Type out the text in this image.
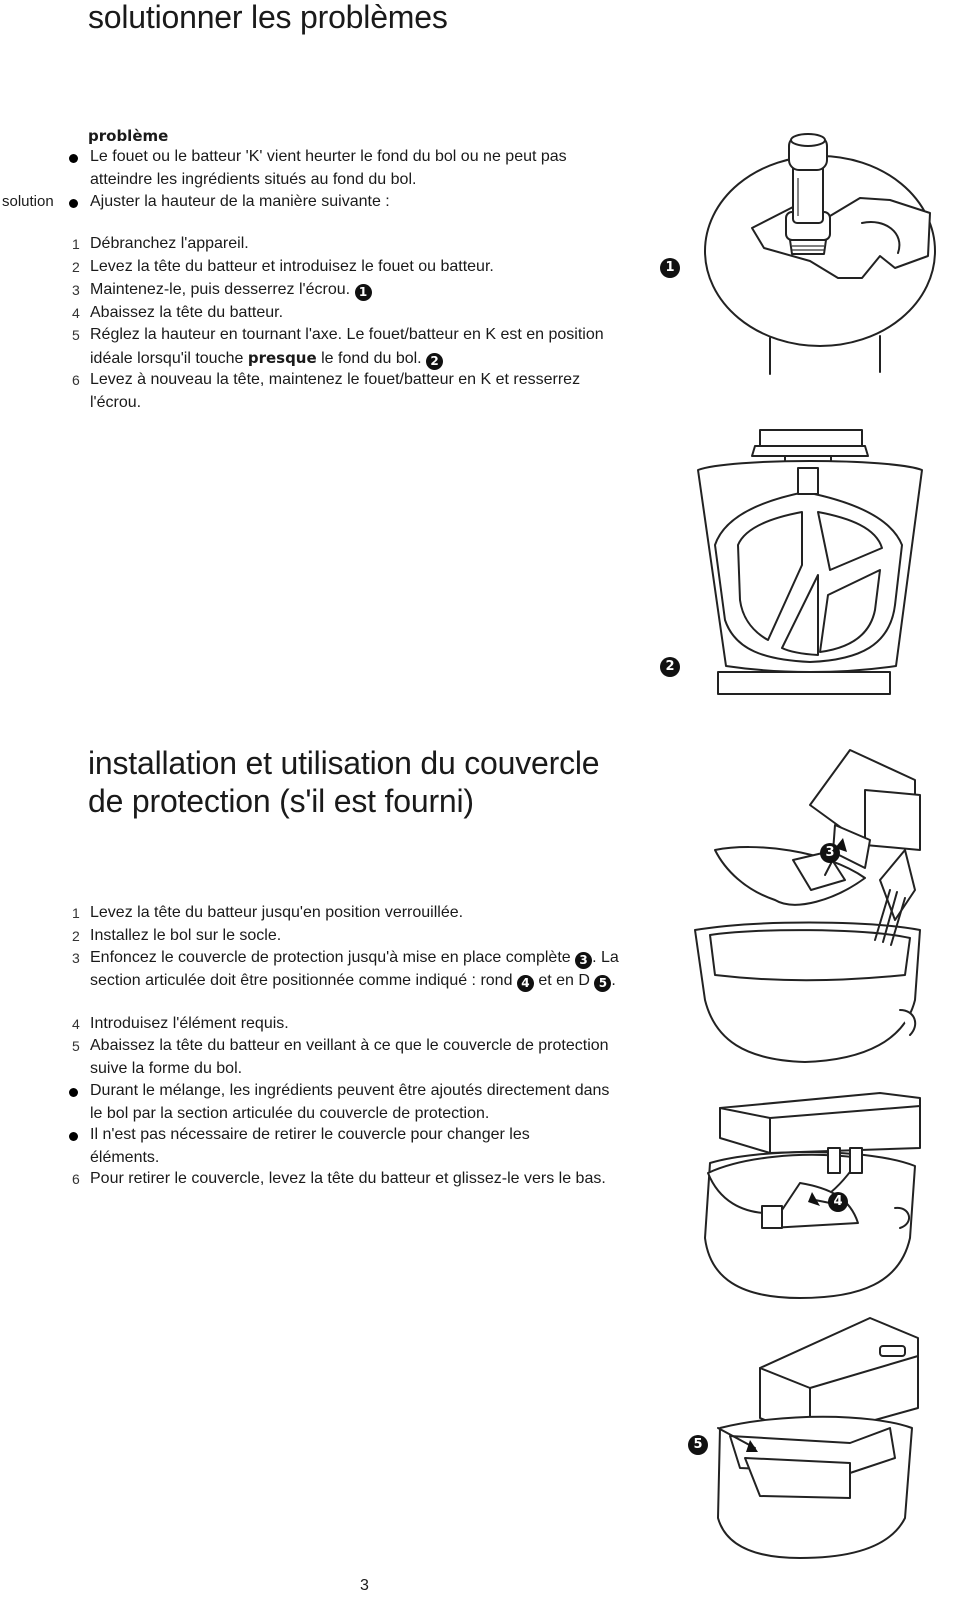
solutionner les problèmes
problème
Le fouet ou le batteur 'K' vient heurter le fond du bol ou ne peut pas atteindre les ingrédients situés au fond du bol.
solution Ajuster la hauteur de la manière suivante :
1 Débranchez l'appareil.
2 Levez la tête du batteur et introduisez le fouet ou batteur.
3 Maintenez-le, puis desserrez l'écrou. 1
4 Abaissez la tête du batteur.
5 Réglez la hauteur en tournant l'axe. Le fouet/batteur en K est en position idéale lorsqu'il touche presque le fond du bol. 2
6 Levez à nouveau la tête, maintenez le fouet/batteur en K et resserrez l'écrou.
1
2
installation et utilisation du couvercle
de protection (s'il est fourni)
1 Levez la tête du batteur jusqu'en position verrouillée.
2 Installez le bol sur le socle.
3 Enfoncez le couvercle de protection jusqu'à mise en place complète 3 . La section articulée doit être positionnée comme indiqué : rond 4 et en D 5 .
4 Introduisez l'élément requis.
5 Abaissez la tête du batteur en veillant à ce que le couvercle de protection suive la forme du bol.
Durant le mélange, les ingrédients peuvent être ajoutés directement dans le bol par la section articulée du couvercle de protection.
Il n'est pas nécessaire de retirer le couvercle pour changer les éléments.
6 Pour retirer le couvercle, levez la tête du batteur et glissez-le vers le bas.
3
4
5
3
